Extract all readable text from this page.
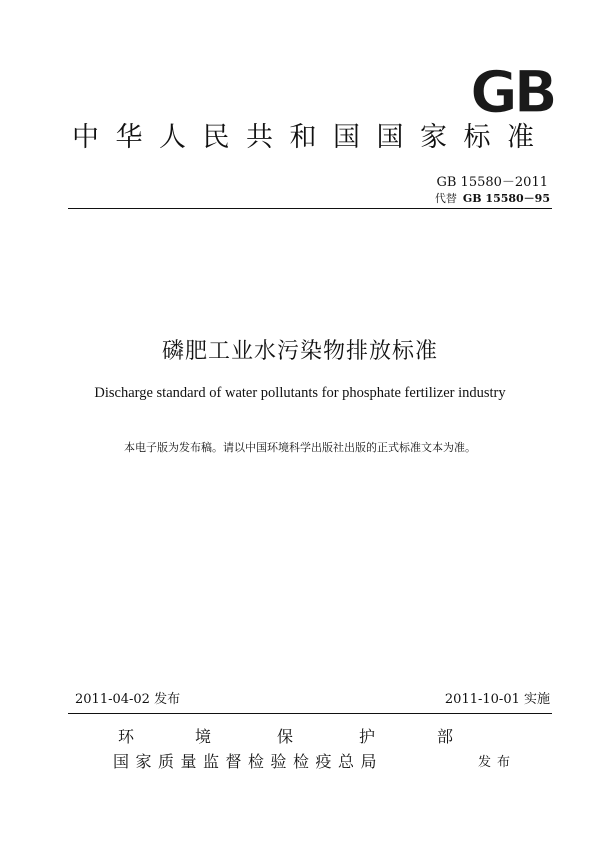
GB
中华人民共和国国家标准
GB 15580－2011
代替 GB 15580－95
磷肥工业水污染物排放标准
Discharge standard of water pollutants for phosphate fertilizer industry
本电子版为发布稿。请以中国环境科学出版社出版的正式标准文本为准。
2011-04-02 发布	2011-10-01 实施
环	境	保	护	部
国家质量监督检验检疫总局	发布
